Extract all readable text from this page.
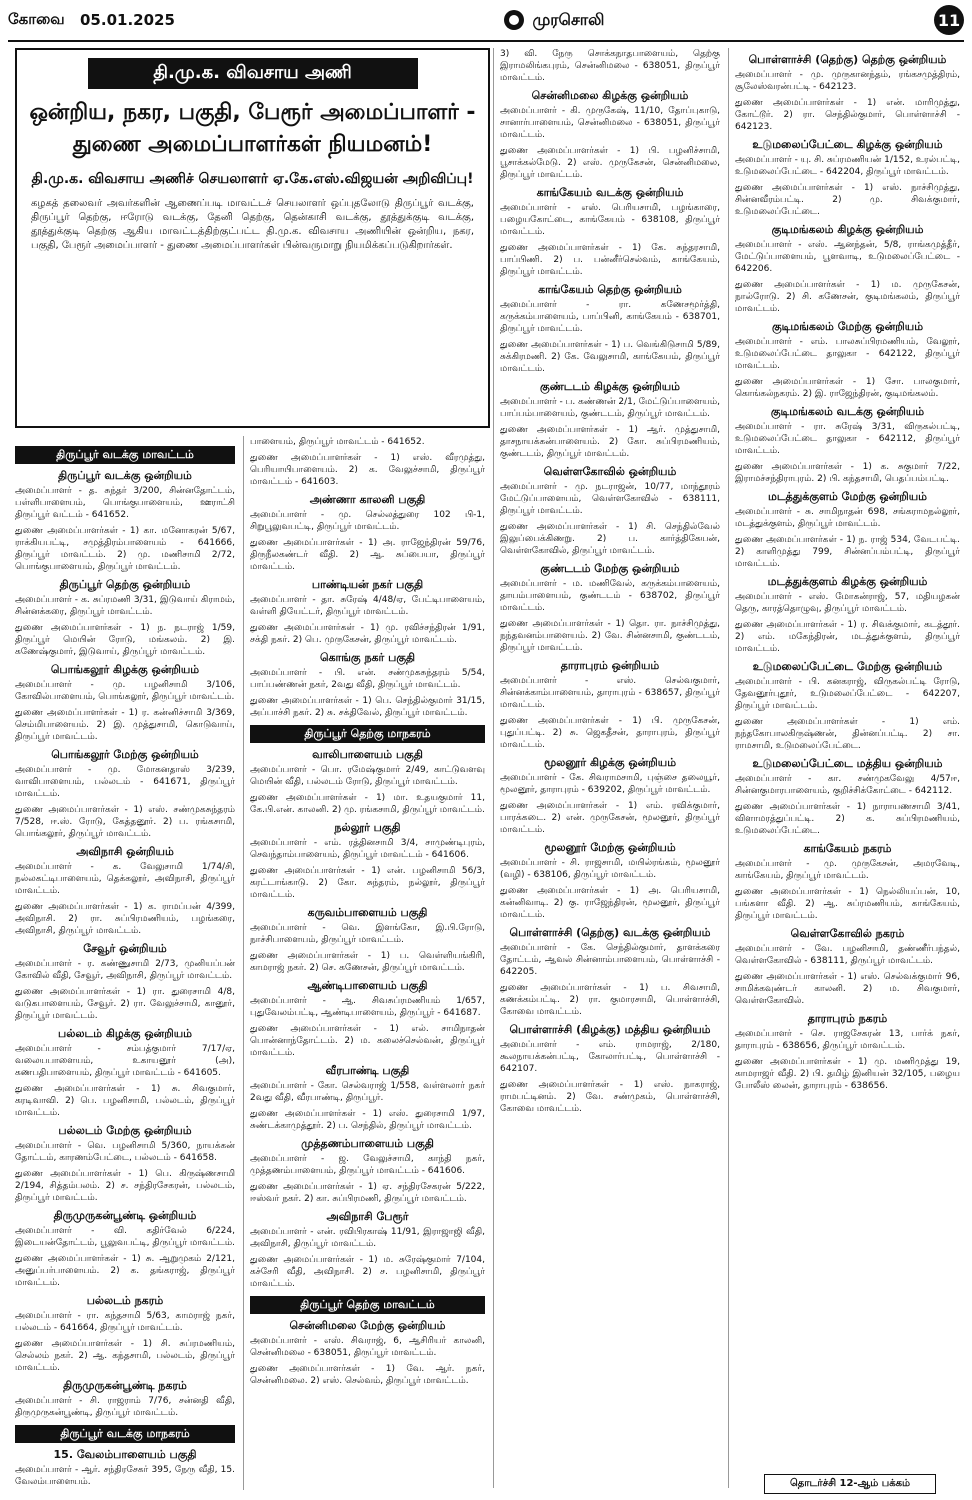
கோவை 05.01.2025	முரசொலி	11
தி.மு.க. விவசாய அணி
ஒன்றிய, நகர, பகுதி, பேரூர் அமைப்பாளர் -
துணை அமைப்பாளர்கள் நியமனம்!
தி.மு.க. விவசாய அணிச் செயலாளர் ஏ.கே.எஸ்.விஜயன் அறிவிப்பு!
கழகத் தலைவர் அவர்களின் ஆணைப்படி மாவட்டச் செயலாளர் ஒப்புதலோடு திருப்பூர் வடக்கு, திருப்பூர் தெற்கு, ஈரோடு வடக்கு, தேனி தெற்கு, தென்காசி வடக்கு, தூத்துக்குடி வடக்கு, தூத்துக்குடி தெற்கு ஆகிய மாவட்டத்திற்குட்பட்ட தி.மு.க. விவசாய அணியின் ஒன்றிய, நகர, பகுதி, பேரூர் அமைப்பாளர் - துணை அமைப்பாளர்கள் பின்வருமாறு நியமிக்கப்படுகிறார்கள்.
திருப்பூர் வடக்கு மாவட்டம்
திருப்பூர் வடக்கு ஒன்றியம்

அமைப்பாளர் - த. சுந்தர் 3/200, சின்னதோட்டம், பள்ளிபாளையம், பொங்குபாளையம், ஊராட்சி திருப்பூர் வட்டம் - 641652.

துணை அமைப்பாளர்கள் - 1) கா. மனோகரன் 5/67, ராக்கியபட்டி, சமுத்திரம்பாளையம் - 641666, திருப்பூர் மாவட்டம். 2) மு. மணிசாமி 2/72, பொங்குபாளையம், திருப்பூர் மாவட்டம்.

திருப்பூர் தெற்கு ஒன்றியம்

அமைப்பாளர் - க. சுப்ரமணி 3/31, இடுவாய் கிராமம், சின்னக்கரை, திருப்பூர் மாவட்டம்.

துணை அமைப்பாளர்கள் - 1) ந. நடராஜ் 1/59, திருப்பூர் மெயின் ரோடு, மங்கலம். 2) இ. கணேஷ்குமார், இடுவாய், திருப்பூர் மாவட்டம்.

பொங்கலூர் கிழக்கு ஒன்றியம்

அமைப்பாளர் - மு. பழனிசாமி 3/106, கோவில்பாளையம், பொங்கலூர், திருப்பூர் மாவட்டம்.

துணை அமைப்பாளர்கள் - 1) ர. கன்னிச்சாமி 3/369, செம்மிபாளையம். 2) இ. முத்துசாமி, கொடுவாய், திருப்பூர் மாவட்டம்.

பொங்கலூர் மேற்கு ஒன்றியம்

அமைப்பாளர் - மு. மோகனதாஸ் 3/239, வாவிபாளையம், பல்லடம் - 641671, திருப்பூர் மாவட்டம்.

துணை அமைப்பாளர்கள் - 1) எஸ். சண்முகசுந்தரம் 7/528, ஈ.ஸ். ரோடு, கேத்தனூர். 2) ப. ரங்கசாமி, பொங்கலூர், திருப்பூர் மாவட்டம்.

அவிநாசி ஒன்றியம்

அமைப்பாளர் - க. வேலுசாமி 1/74/சி, நல்லகட்டிபாளையம், தெக்கலூர், அவிநாசி, திருப்பூர் மாவட்டம்.

துணை அமைப்பாளர்கள் - 1) க. ராமப்பன் 4/399, அவிநாசி. 2) ரா. சுப்பிரமணியம், பழங்கரை, அவிநாசி, திருப்பூர் மாவட்டம்.

சேவூர் ஒன்றியம்

அமைப்பாளர் - ர. கண்ணுசாமி 2/73, முனியப்பன் கோவில் வீதி, சேவூர், அவிநாசி, திருப்பூர் மாவட்டம்.

துணை அமைப்பாளர்கள் - 1) ரா. துரைசாமி 4/8, வடுகபாளையம், சேவூர். 2) ரா. வேலுச்சாமி, கானூர், திருப்பூர் மாவட்டம்.

பல்லடம் கிழக்கு ஒன்றியம்

அமைப்பாளர் - சம்பத்குமார் 7/17/ஏ, வலையபாளையம், உகாயனூர் (அ), கணபதிபாளையம், திருப்பூர் மாவட்டம் - 641605.

துணை அமைப்பாளர்கள் - 1) சு. சிவகுமார், கரடிவாவி. 2) பெ. பழனிசாமி, பல்லடம், திருப்பூர் மாவட்டம்.

பல்லடம் மேற்கு ஒன்றியம்

அமைப்பாளர் - வெ. பழனிசாமி 5/360, நாயக்கன் தோட்டம், காரணம்பேட்டை, பல்லடம் - 641658.

துணை அமைப்பாளர்கள் - 1) பெ. கிருஷ்ணசாமி 2/194, சித்தம்பலம். 2) ச. சந்திரசேகரன், பல்லடம், திருப்பூர் மாவட்டம்.

திருமுருகன்பூண்டி ஒன்றியம்

அமைப்பாளர் - வி. கதிர்வேல் 6/224, இடையன்தோட்டம், பூலுவபட்டி, திருப்பூர் மாவட்டம்.

துணை அமைப்பாளர்கள் - 1) சு. ஆறுமுகம் 2/121, அனுப்பர்பாளையம். 2) க. தங்கராஜ், திருப்பூர் மாவட்டம்.

பல்லடம் நகரம்

அமைப்பாளர் - ரா. கந்தசாமி 5/63, காமராஜ் நகர், பல்லடம் - 641664, திருப்பூர் மாவட்டம்.

துணை அமைப்பாளர்கள் - 1) சி. சுப்ரமணியம், செல்லம் நகர். 2) ஆ. கந்தசாமி, பல்லடம், திருப்பூர் மாவட்டம்.

திருமுருகன்பூண்டி நகரம்

அமைப்பாளர் - சி. ராஜராம் 7/76, சன்னதி வீதி, திருமுருகன்பூண்டி, திருப்பூர் மாவட்டம்.

திருப்பூர் வடக்கு மாநகரம்
15. வேலம்பாளையம் பகுதி

அமைப்பாளர் - ஆர். சந்திரசேகர் 395, நேரு வீதி, 15. வேலம்பாளையம்.

பாளையம், திருப்பூர் மாவட்டம் - 641652.

துணை அமைப்பாளர்கள் - 1) எஸ். வீரமுத்து, பெரியாயிபாளையம். 2) க. வேலுச்சாமி, திருப்பூர் மாவட்டம் - 641603.

அண்ணா காலனி பகுதி

அமைப்பாளர் - மு. செல்லத்துரை 102 பி-1, சிறுபூலுவபட்டி, திருப்பூர் மாவட்டம்.

துணை அமைப்பாளர்கள் - 1) அ. ராஜேந்திரன் 59/76, திருநீலகண்டர் வீதி. 2) ஆ. சுப்பையா, திருப்பூர் மாவட்டம்.

பாண்டியன் நகர் பகுதி

அமைப்பாளர் - தா. சுரேஷ் 4/48/ஏ, பேட்டிபாளையம், வள்ளி தியேட்டர், திருப்பூர் மாவட்டம்.

துணை அமைப்பாளர்கள் - 1) மு. ரவிச்சந்திரன் 1/91, சக்தி நகர். 2) பெ. முருகேசன், திருப்பூர் மாவட்டம்.

கொங்கு நகர் பகுதி

அமைப்பாளர் - பி. என். சண்முகசுந்தரம் 5/54, பாப்பண்ணன் நகர், 2வது வீதி, திருப்பூர் மாவட்டம்.

துணை அமைப்பாளர்கள் - 1) பெ. செந்தில்குமார் 31/15, அப்பாச்சி நகர். 2) சு. சக்திவேல், திருப்பூர் மாவட்டம்.

திருப்பூர் தெற்கு மாநகரம்
வாலிபாளையம் பகுதி

அமைப்பாளர் - பொ. ரமேஷ்குமார் 2/49, காட்டுவளவு மெயின் வீதி, பல்லடம் ரோடு, திருப்பூர் மாவட்டம்.

துணை அமைப்பாளர்கள் - 1) மா. உதயகுமார் 11, கே.பி.என். காலனி. 2) மு. ரங்கசாமி, திருப்பூர் மாவட்டம்.

நல்லூர் பகுதி

அமைப்பாளர் - எம். ரத்தினசாமி 3/4, சாமுண்டிபுரம், செவந்தாம்பாளையம், திருப்பூர் மாவட்டம் - 641606.

துணை அமைப்பாளர்கள் - 1) என். பழனிசாமி 56/3, கரட்டாங்காடு. 2) கோ. சுந்தரம், நல்லூர், திருப்பூர் மாவட்டம்.

கருவம்பாளையம் பகுதி

அமைப்பாளர் - வெ. இளங்கோ, இ.பி.ரோடு, நாச்சிபாளையம், திருப்பூர் மாவட்டம்.

துணை அமைப்பாளர்கள் - 1) ப. வெள்ளியங்கிரி, காமராஜ் நகர். 2) செ. கணேசன், திருப்பூர் மாவட்டம்.

ஆண்டிபாளையம் பகுதி

அமைப்பாளர் - ஆ. சிவசுப்ரமணியம் 1/657, புதுவேலம்பட்டி, ஆண்டிபாளையம், திருப்பூர் - 641687.

துணை அமைப்பாளர்கள் - 1) எல். சாமிநாதன் பொன்னாந்தோட்டம். 2) ம. கலைச்செல்வன், திருப்பூர் மாவட்டம்.

வீரபாண்டி பகுதி

அமைப்பாளர் - கோ. செல்வராஜ் 1/558, வள்ளலார் நகர் 2வது வீதி, வீரபாண்டி, திருப்பூர்.

துணை அமைப்பாளர்கள் - 1) எஸ். துரைசாமி 1/97, சுண்டக்காமுத்தூர். 2) ப. செந்தில், திருப்பூர் மாவட்டம்.

முத்தணம்பாளையம் பகுதி

அமைப்பாளர் - ஜ. வேலுச்சாமி, காந்தி நகர், முத்தணம்பாளையம், திருப்பூர் மாவட்டம் - 641606.

துணை அமைப்பாளர்கள் - 1) ஏ. சந்திரசேகரன் 5/222, ஈஸ்வர் நகர். 2) கா. சுப்பிரமணி, திருப்பூர் மாவட்டம்.

அவிநாசி பேரூர்

அமைப்பாளர் - என். ரவிபிரகாஷ் 11/91, இராஜாஜி வீதி, அவிநாசி, திருப்பூர் மாவட்டம்.

துணை அமைப்பாளர்கள் - 1) ம. சுரேஷ்குமார் 7/104, கச்சேரி வீதி, அவிநாசி. 2) ச. பழனிசாமி, திருப்பூர் மாவட்டம்.

திருப்பூர் தெற்கு மாவட்டம்
சென்னிமலை மேற்கு ஒன்றியம்

அமைப்பாளர் - எஸ். சிவராஜ், 6, ஆசிரியர் காலனி, சென்னிமலை - 638051, திருப்பூர் மாவட்டம்.

துணை அமைப்பாளர்கள் - 1) வே. ஆர். நகர், சென்னிமலை. 2) எஸ். செல்வம், திருப்பூர் மாவட்டம்.

3) வி. நேரு சொக்கநாதபாளையம், தெற்கு இராமலிங்கபுரம், சென்னிமலை - 638051, திருப்பூர் மாவட்டம்.

சென்னிமலை கிழக்கு ஒன்றியம்

அமைப்பாளர் - கி. முருகேஷ், 11/10, தோப்புகாடு, சானார்பாளையம், சென்னிமலை - 638051, திருப்பூர் மாவட்டம்.

துணை அமைப்பாளர்கள் - 1) பி. பழனிச்சாமி, பூசாக்கல்மேடு. 2) எஸ். முருகேசன், சென்னிமலை, திருப்பூர் மாவட்டம்.

காங்கேயம் வடக்கு ஒன்றியம்

அமைப்பாளர் - எஸ். பெரியசாமி, பழங்காரை, பழையகோட்டை, காங்கேயம் - 638108, திருப்பூர் மாவட்டம்.

துணை அமைப்பாளர்கள் - 1) கே. சுந்தரசாமி, பாப்பிணி. 2) ப. பன்னீர்செல்வம், காங்கேயம், திருப்பூர் மாவட்டம்.

காங்கேயம் தெற்கு ஒன்றியம்

அமைப்பாளர் - ரா. கணேசமூர்த்தி, கருக்கம்பாளையம், பாப்பினி, காங்கேயம் - 638701, திருப்பூர் மாவட்டம்.

துணை அமைப்பாளர்கள் - 1) ப. வெங்கிடுசாமி 5/89, சுக்கிரமணி. 2) கே. வேலுசாமி, காங்கேயம், திருப்பூர் மாவட்டம்.

குண்டடம் கிழக்கு ஒன்றியம்

அமைப்பாளர் - ப. கண்ணன் 2/1, மேட்டுப்பாளையம், பாப்பம்பாளையம், குண்டடம், திருப்பூர் மாவட்டம்.

துணை அமைப்பாளர்கள் - 1) ஆர். முத்துசாமி, தாசநாயக்கன்பாளையம். 2) கோ. சுப்பிரமணியம், குண்டடம், திருப்பூர் மாவட்டம்.

வெள்ளகோவில் ஒன்றியம்

அமைப்பாளர் - மு. நடராஜன், 10/77, மாந்தூரம் மேட்டுப்பாளையம், வெள்ளகோவில் - 638111, திருப்பூர் மாவட்டம்.

துணை அமைப்பாளர்கள் - 1) சி. செந்தில்வேல் இலுப்பைக்கிணறு. 2) ப. கார்த்திகேயன், வெள்ளகோவில், திருப்பூர் மாவட்டம்.

குண்டடம் மேற்கு ஒன்றியம்

அமைப்பாளர் - ம. மணிவேல், கருக்கம்பாளையம், தாயம்பாளையம், குண்டடம் - 638702, திருப்பூர் மாவட்டம்.

துணை அமைப்பாளர்கள் - 1) தொ. ரா. நாச்சிமுத்து, நந்தவனம்பாளையம். 2) வே. சின்னசாமி, குண்டடம், திருப்பூர் மாவட்டம்.

தாராபுரம் ஒன்றியம்

அமைப்பாளர் - எஸ். செல்வகுமார், சின்னக்காம்பாளையம், தாராபுரம் - 638657, திருப்பூர் மாவட்டம்.

துணை அமைப்பாளர்கள் - 1) பி. முருகேசன், புதுப்பட்டி. 2) சு. ஜெகதீசன், தாராபுரம், திருப்பூர் மாவட்டம்.

மூலனூர் கிழக்கு ஒன்றியம்

அமைப்பாளர் - கே. சிவராமசாமி, புஞ்சை தலையூர், மூலனூர், தாராபுரம் - 639202, திருப்பூர் மாவட்டம்.

துணை அமைப்பாளர்கள் - 1) எம். ரவிக்குமார், பாரக்கடை. 2) என். முருகேசன், மூலனூர், திருப்பூர் மாவட்டம்.

மூலனூர் மேற்கு ஒன்றியம்

அமைப்பாளர் - சி. ராஜசாமி, மயில்ரங்கம், மூலனூர் (வழி) - 638106, திருப்பூர் மாவட்டம்.

துணை அமைப்பாளர்கள் - 1) அ. பெரியசாமி, கன்னிவாடி. 2) கு. ராஜேந்திரன், மூலனூர், திருப்பூர் மாவட்டம்.

பொள்ளாச்சி (தெற்கு) வடக்கு ஒன்றியம்

அமைப்பாளர் - கே. செந்தில்குமார், தாளக்கரை தோட்டம், ஆவல் சின்னாம்பாளையம், பொள்ளாச்சி - 642205.

துணை அமைப்பாளர்கள் - 1) ப. சிவசாமி, கணக்கம்பட்டி. 2) ரா. குமாரசாமி, பொள்ளாச்சி, கோவை மாவட்டம்.

பொள்ளாச்சி (கிழக்கு) மத்திய ஒன்றியம்

அமைப்பாளர் - எம். ராமராஜ், 2/180, கூலநாயக்கன்பட்டி, கோலார்பட்டி, பொள்ளாச்சி - 642107.

துணை அமைப்பாளர்கள் - 1) எஸ். நாகராஜ், ராமபட்டினம். 2) வே. சண்முகம், பொள்ளாச்சி, கோவை மாவட்டம்.

பொள்ளாச்சி (தெற்கு) தெற்கு ஒன்றியம்

அமைப்பாளர் - மு. முருகானந்தம், ரங்கசமுத்திரம், சூலேஸ்வரன்பட்டி - 642123.

துணை அமைப்பாளர்கள் - 1) என். மாரிமுத்து, கோட்டூர். 2) ரா. செந்தில்குமார், பொள்ளாச்சி - 642123.

உடுமலைப்பேட்டை கிழக்கு ஒன்றியம்

அமைப்பாளர் - யு. சி. சுப்ரமணியன் 1/152, உரல்பட்டி, உடுமலைப்பேட்டை - 642204, திருப்பூர் மாவட்டம்.

துணை அமைப்பாளர்கள் - 1) எஸ். நாச்சிமுத்து, சின்னவீரம்பட்டி. 2) மு. சிவக்குமார், உடுமலைப்பேட்டை.

குடிமங்கலம் கிழக்கு ஒன்றியம்

அமைப்பாளர் - எஸ். ஆனந்தன், 5/8, ராங்கமுத்தீர், மேட்டுப்பாளையம், பூளவாடி, உடுமலைப்பேட்டை - 642206.

துணை அமைப்பாளர்கள் - 1) ம. முருகேசன், நால்ரோடு. 2) சி. கணேசன், குடிமங்கலம், திருப்பூர் மாவட்டம்.

குடிமங்கலம் மேற்கு ஒன்றியம்

அமைப்பாளர் - எம். பாலசுப்பிரமணியம், வேலூர், உடுமலைப்பேட்டை தாலுகா - 642122, திருப்பூர் மாவட்டம்.

துணை அமைப்பாளர்கள் - 1) சோ. பாலகுமார், கொங்கல்நகரம். 2) இ. ராஜேந்திரன், குடிமங்கலம்.

குடிமங்கலம் வடக்கு ஒன்றியம்

அமைப்பாளர் - ரா. சுரேஷ் 3/31, விருகல்பட்டி, உடுமலைப்பேட்டை தாலுகா - 642112, திருப்பூர் மாவட்டம்.

துணை அமைப்பாளர்கள் - 1) க. சுகுமார் 7/22, இராமச்சந்திராபுரம். 2) பி. கந்தசாமி, பெதப்பம்பட்டி.

மடத்துக்குளம் மேற்கு ஒன்றியம்

அமைப்பாளர் - சு. சாமிநாதன் 698, சங்கராமநல்லூர், மடத்துக்குளம், திருப்பூர் மாவட்டம்.

துணை அமைப்பாளர்கள் - 1) ந. ராஜ் 534, வேடபட்டி. 2) காளிமுத்து 799, சின்னப்பம்பட்டி, திருப்பூர் மாவட்டம்.

மடத்துக்குளம் கிழக்கு ஒன்றியம்

அமைப்பாளர் - எஸ். மோகன்ராஜ், 57, மதியழகன் தெரு, காரத்தொழுவு, திருப்பூர் மாவட்டம்.

துணை அமைப்பாளர்கள் - 1) ர. சிவக்குமார், கடத்தூர். 2) எம். மகேந்திரன், மடத்துக்குளம், திருப்பூர் மாவட்டம்.

உடுமலைப்பேட்டை மேற்கு ஒன்றியம்

அமைப்பாளர் - பி. கனகராஜ், விருகல்பட்டி ரோடு, தேவனூர்புதூர், உடுமலைப்பேட்டை - 642207, திருப்பூர் மாவட்டம்.

துணை அமைப்பாளர்கள் - 1) எம். நந்தகோபாலகிருஷ்ணன், தின்னப்பட்டி. 2) சா. ராமசாமி, உடுமலைப்பேட்டை.

உடுமலைப்பேட்டை மத்திய ஒன்றியம்

அமைப்பாளர் - கா. சண்முகவேலு 4/57ஈ, சின்னகுமாரபாளையம், குறிச்சிக்கோட்டை - 642112.

துணை அமைப்பாளர்கள் - 1) நாராயணசாமி 3/41, விளாமரத்துப்பட்டி. 2) க. சுப்பிரமணியம், உடுமலைப்பேட்டை.

காங்கேயம் நகரம்

அமைப்பாளர் - மு. முருகேசன், அமரவேடி, காங்கேயம், திருப்பூர் மாவட்டம்.

துணை அமைப்பாளர்கள் - 1) நெல்லியப்பன், 10, பங்களா வீதி. 2) ஆ. சுப்ரமணியம், காங்கேயம், திருப்பூர் மாவட்டம்.

வெள்ளகோவில் நகரம்

அமைப்பாளர் - வே. பழனிசாமி, தண்ணீர்பந்தல், வெள்ளகோவில் - 638111, திருப்பூர் மாவட்டம்.

துணை அமைப்பாளர்கள் - 1) எஸ். செல்வக்குமார் 96, சாமிக்கவுண்டர் காலனி. 2) ம. சிவகுமார், வெள்ளகோவில்.

தாராபுரம் நகரம்

அமைப்பாளர் - செ. ராஜசேகரன் 13, பார்க் நகர், தாராபுரம் - 638656, திருப்பூர் மாவட்டம்.

துணை அமைப்பாளர்கள் - 1) மு. மணிமுத்து 19, காமராஜர் வீதி. 2) பி. தமிழ் இனியன் 32/105, பழைய போலீஸ் லைன், தாராபுரம் - 638656.

தொடர்ச்சி 12-ஆம் பக்கம்
